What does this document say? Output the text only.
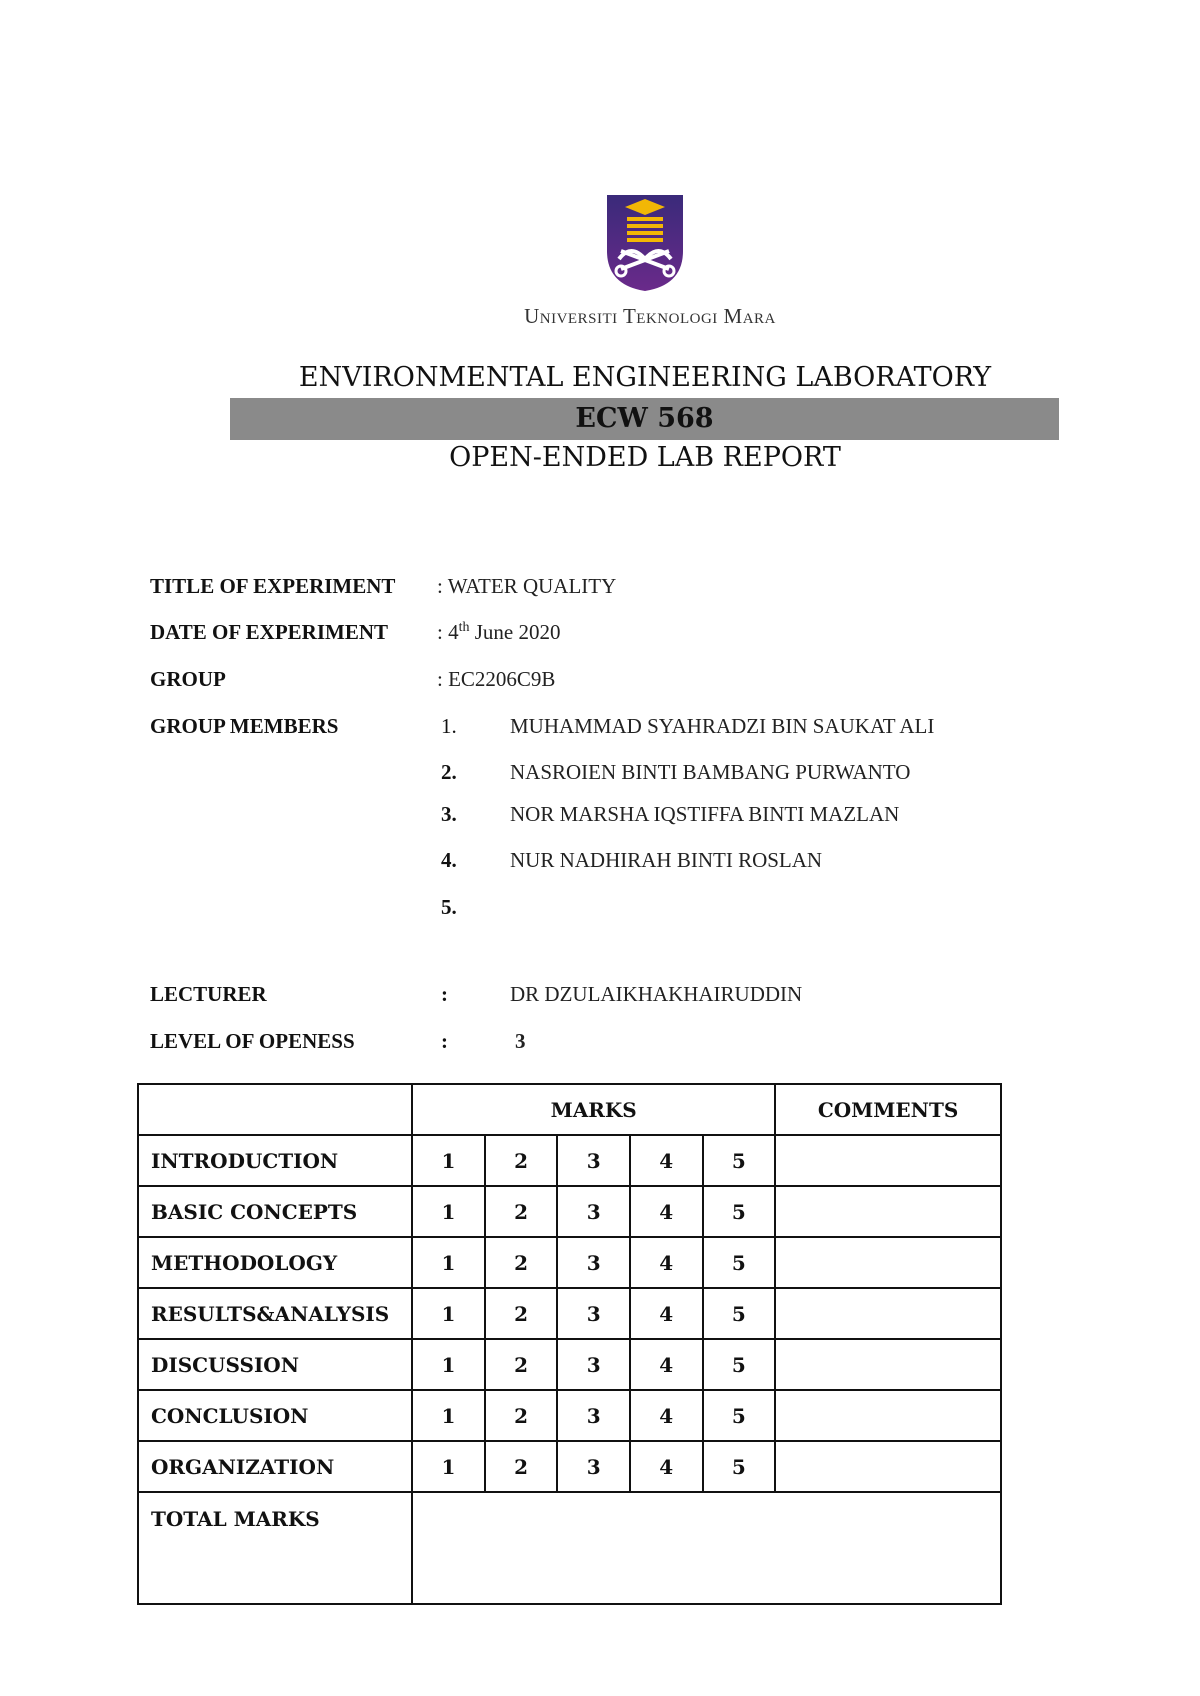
Universiti Teknologi Mara
ENVIRONMENTAL ENGINEERING LABORATORY
ECW 568
OPEN-ENDED LAB REPORT
TITLE OF EXPERIMENT : WATER QUALITY
DATE OF EXPERIMENT : 4th June 2020
GROUP	: EC2206C9B
GROUP MEMBERS	1.	MUHAMMAD SYAHRADZI BIN SAUKAT ALI
2.	NASROIEN BINTI BAMBANG PURWANTO
3.	NOR MARSHA IQSTIFFA BINTI MAZLAN
4.	NUR NADHIRAH BINTI ROSLAN
5.
LECTURER	:	DR DZULAIKHAKHAIRUDDIN
LEVEL OF OPENESS	:	3
	MARKS					COMMENTS
INTRODUCTION	1	2	3	4	5	
BASIC CONCEPTS	1	2	3	4	5	
METHODOLOGY	1	2	3	4	5	
RESULTS&ANALYSIS	1	2	3	4	5	
DISCUSSION	1	2	3	4	5	
CONCLUSION	1	2	3	4	5	
ORGANIZATION	1	2	3	4	5	
TOTAL MARKS						
